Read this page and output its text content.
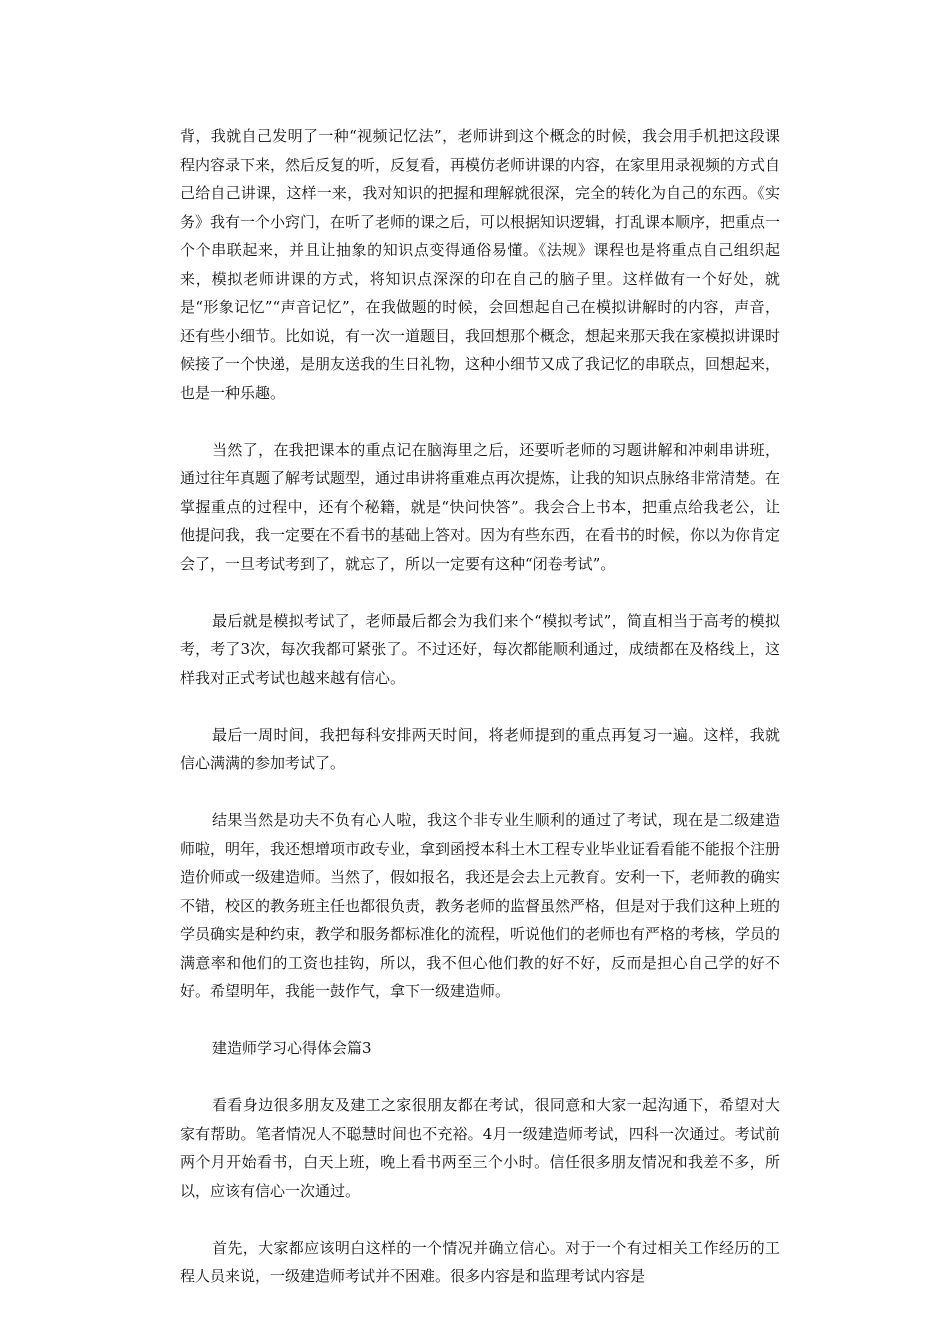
背，我就自己发明了一种“视频记忆法”，老师讲到这个概念的时候，我会用手机把这段课程内容录下来，然后反复的听，反复看，再模仿老师讲课的内容，在家里用录视频的方式自己给自己讲课，这样一来，我对知识的把握和理解就很深，完全的转化为自己的东西。《实务》我有一个小窍门，在听了老师的课之后，可以根据知识逻辑，打乱课本顺序，把重点一个个串联起来，并且让抽象的知识点变得通俗易懂。《法规》课程也是将重点自己组织起来，模拟老师讲课的方式，将知识点深深的印在自己的脑子里。这样做有一个好处，就是“形象记忆”“声音记忆”，在我做题的时候，会回想起自己在模拟讲解时的内容，声音，还有些小细节。比如说，有一次一道题目，我回想那个概念，想起来那天我在家模拟讲课时候接了一个快递，是朋友送我的生日礼物，这种小细节又成了我记忆的串联点，回想起来，也是一种乐趣。

当然了，在我把课本的重点记在脑海里之后，还要听老师的习题讲解和冲刺串讲班，通过往年真题了解考试题型，通过串讲将重难点再次提炼，让我的知识点脉络非常清楚。在掌握重点的过程中，还有个秘籍，就是“快问快答”。我会合上书本，把重点给我老公，让他提问我，我一定要在不看书的基础上答对。因为有些东西，在看书的时候，你以为你肯定会了，一旦考试考到了，就忘了，所以一定要有这种“闭卷考试”。

最后就是模拟考试了，老师最后都会为我们来个“模拟考试”，简直相当于高考的模拟考，考了3次，每次我都可紧张了。不过还好，每次都能顺利通过，成绩都在及格线上，这样我对正式考试也越来越有信心。

最后一周时间，我把每科安排两天时间，将老师提到的重点再复习一遍。这样，我就信心满满的参加考试了。

结果当然是功夫不负有心人啦，我这个非专业生顺利的通过了考试，现在是二级建造师啦，明年，我还想增项市政专业，拿到函授本科土木工程专业毕业证看看能不能报个注册造价师或一级建造师。当然了，假如报名，我还是会去上元教育。安利一下，老师教的确实不错，校区的教务班主任也都很负责，教务老师的监督虽然严格，但是对于我们这种上班的学员确实是种约束，教学和服务都标准化的流程，听说他们的老师也有严格的考核，学员的满意率和他们的工资也挂钩，所以，我不但心他们教的好不好，反而是担心自己学的好不好。希望明年，我能一鼓作气，拿下一级建造师。

建造师学习心得体会篇3

看看身边很多朋友及建工之家很朋友都在考试，很同意和大家一起沟通下，希望对大家有帮助。笔者情况人不聪慧时间也不充裕。4月一级建造师考试，四科一次通过。考试前两个月开始看书，白天上班，晚上看书两至三个小时。信任很多朋友情况和我差不多，所以，应该有信心一次通过。

首先，大家都应该明白这样的一个情况并确立信心。对于一个有过相关工作经历的工程人员来说，一级建造师考试并不困难。很多内容是和监理考试内容是
